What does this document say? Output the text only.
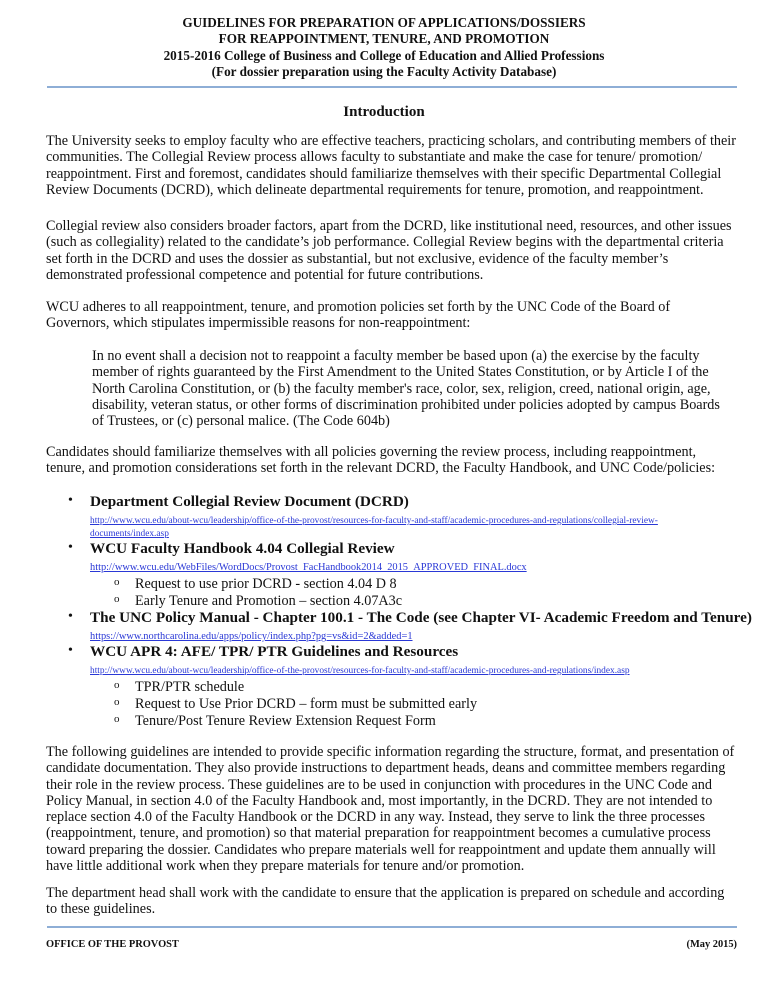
GUIDELINES FOR PREPARATION OF APPLICATIONS/DOSSIERS
FOR REAPPOINTMENT, TENURE, AND PROMOTION
2015-2016 College of Business and College of Education and Allied Professions
(For dossier preparation using the Faculty Activity Database)
Introduction

The University seeks to employ faculty who are effective teachers, practicing scholars, and contributing members of their communities. The Collegial Review process allows faculty to substantiate and make the case for tenure/ promotion/ reappointment. First and foremost, candidates should familiarize themselves with their specific Departmental Collegial Review Documents (DCRD), which delineate departmental requirements for tenure, promotion, and reappointment.

Collegial review also considers broader factors, apart from the DCRD, like institutional need, resources, and other issues (such as collegiality) related to the candidate’s job performance. Collegial Review begins with the departmental criteria set forth in the DCRD and uses the dossier as substantial, but not exclusive, evidence of the faculty member’s demonstrated professional competence and potential for future contributions.

WCU adheres to all reappointment, tenure, and promotion policies set forth by the UNC Code of the Board of Governors, which stipulates impermissible reasons for non-reappointment:

In no event shall a decision not to reappoint a faculty member be based upon (a) the exercise by the faculty member of rights guaranteed by the First Amendment to the United States Constitution, or by Article I of the North Carolina Constitution, or (b) the faculty member's race, color, sex, religion, creed, national origin, age, disability, veteran status, or other forms of discrimination prohibited under policies adopted by campus Boards of Trustees, or (c) personal malice. (The Code 604b)

Candidates should familiarize themselves with all policies governing the review process, including reappointment, tenure, and promotion considerations set forth in the relevant DCRD, the Faculty Handbook, and UNC Code/policies:

• Department Collegial Review Document (DCRD)
http://www.wcu.edu/about-wcu/leadership/office-of-the-provost/resources-for-faculty-and-staff/academic-procedures-and-regulations/collegial-review-
documents/index.asp
• WCU Faculty Handbook 4.04 Collegial Review
http://www.wcu.edu/WebFiles/WordDocs/Provost_FacHandbook2014_2015_APPROVED_FINAL.docx
o Request to use prior DCRD - section 4.04 D 8
o Early Tenure and Promotion – section 4.07A3c
• The UNC Policy Manual - Chapter 100.1 - The Code (see Chapter VI- Academic Freedom and Tenure)
https://www.northcarolina.edu/apps/policy/index.php?pg=vs&id=2&added=1
• WCU APR 4: AFE/ TPR/ PTR Guidelines and Resources
http://www.wcu.edu/about-wcu/leadership/office-of-the-provost/resources-for-faculty-and-staff/academic-procedures-and-regulations/index.asp
o TPR/PTR schedule
o Request to Use Prior DCRD – form must be submitted early
o Tenure/Post Tenure Review Extension Request Form

The following guidelines are intended to provide specific information regarding the structure, format, and presentation of candidate documentation. They also provide instructions to department heads, deans and committee members regarding their role in the review process. These guidelines are to be used in conjunction with procedures in the UNC Code and Policy Manual, in section 4.0 of the Faculty Handbook and, most importantly, in the DCRD. They are not intended to replace section 4.0 of the Faculty Handbook or the DCRD in any way. Instead, they serve to link the three processes (reappointment, tenure, and promotion) so that material preparation for reappointment becomes a cumulative process toward preparing the dossier. Candidates who prepare materials well for reappointment and update them annually will have little additional work when they prepare materials for tenure and/or promotion.

The department head shall work with the candidate to ensure that the application is prepared on schedule and according to these guidelines.

OFFICE OF THE PROVOST	(May 2015)
